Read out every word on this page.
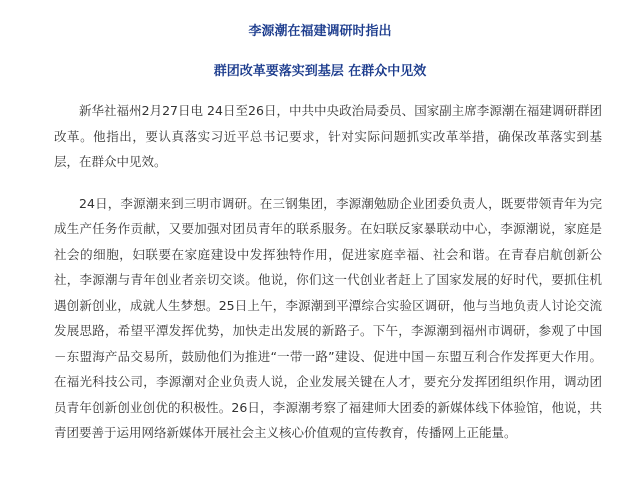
李源潮在福建调研时指出
群团改革要落实到基层 在群众中见效

新华社福州2月27日电 24日至26日，中共中央政治局委员、国家副主席李源潮在福建调研群团改革。他指出，要认真落实习近平总书记要求，针对实际问题抓实改革举措，确保改革落实到基层，在群众中见效。

24日，李源潮来到三明市调研。在三钢集团，李源潮勉励企业团委负责人，既要带领青年为完成生产任务作贡献，又要加强对团员青年的联系服务。在妇联反家暴联动中心，李源潮说，家庭是社会的细胞，妇联要在家庭建设中发挥独特作用，促进家庭幸福、社会和谐。在青春启航创新公社，李源潮与青年创业者亲切交谈。他说，你们这一代创业者赶上了国家发展的好时代，要抓住机遇创新创业，成就人生梦想。25日上午，李源潮到平潭综合实验区调研，他与当地负责人讨论交流发展思路，希望平潭发挥优势，加快走出发展的新路子。下午，李源潮到福州市调研，参观了中国－东盟海产品交易所，鼓励他们为推进“一带一路”建设、促进中国－东盟互利合作发挥更大作用。在福光科技公司，李源潮对企业负责人说，企业发展关键在人才，要充分发挥团组织作用，调动团员青年创新创业创优的积极性。26日，李源潮考察了福建师大团委的新媒体线下体验馆，他说，共青团要善于运用网络新媒体开展社会主义核心价值观的宣传教育，传播网上正能量。
